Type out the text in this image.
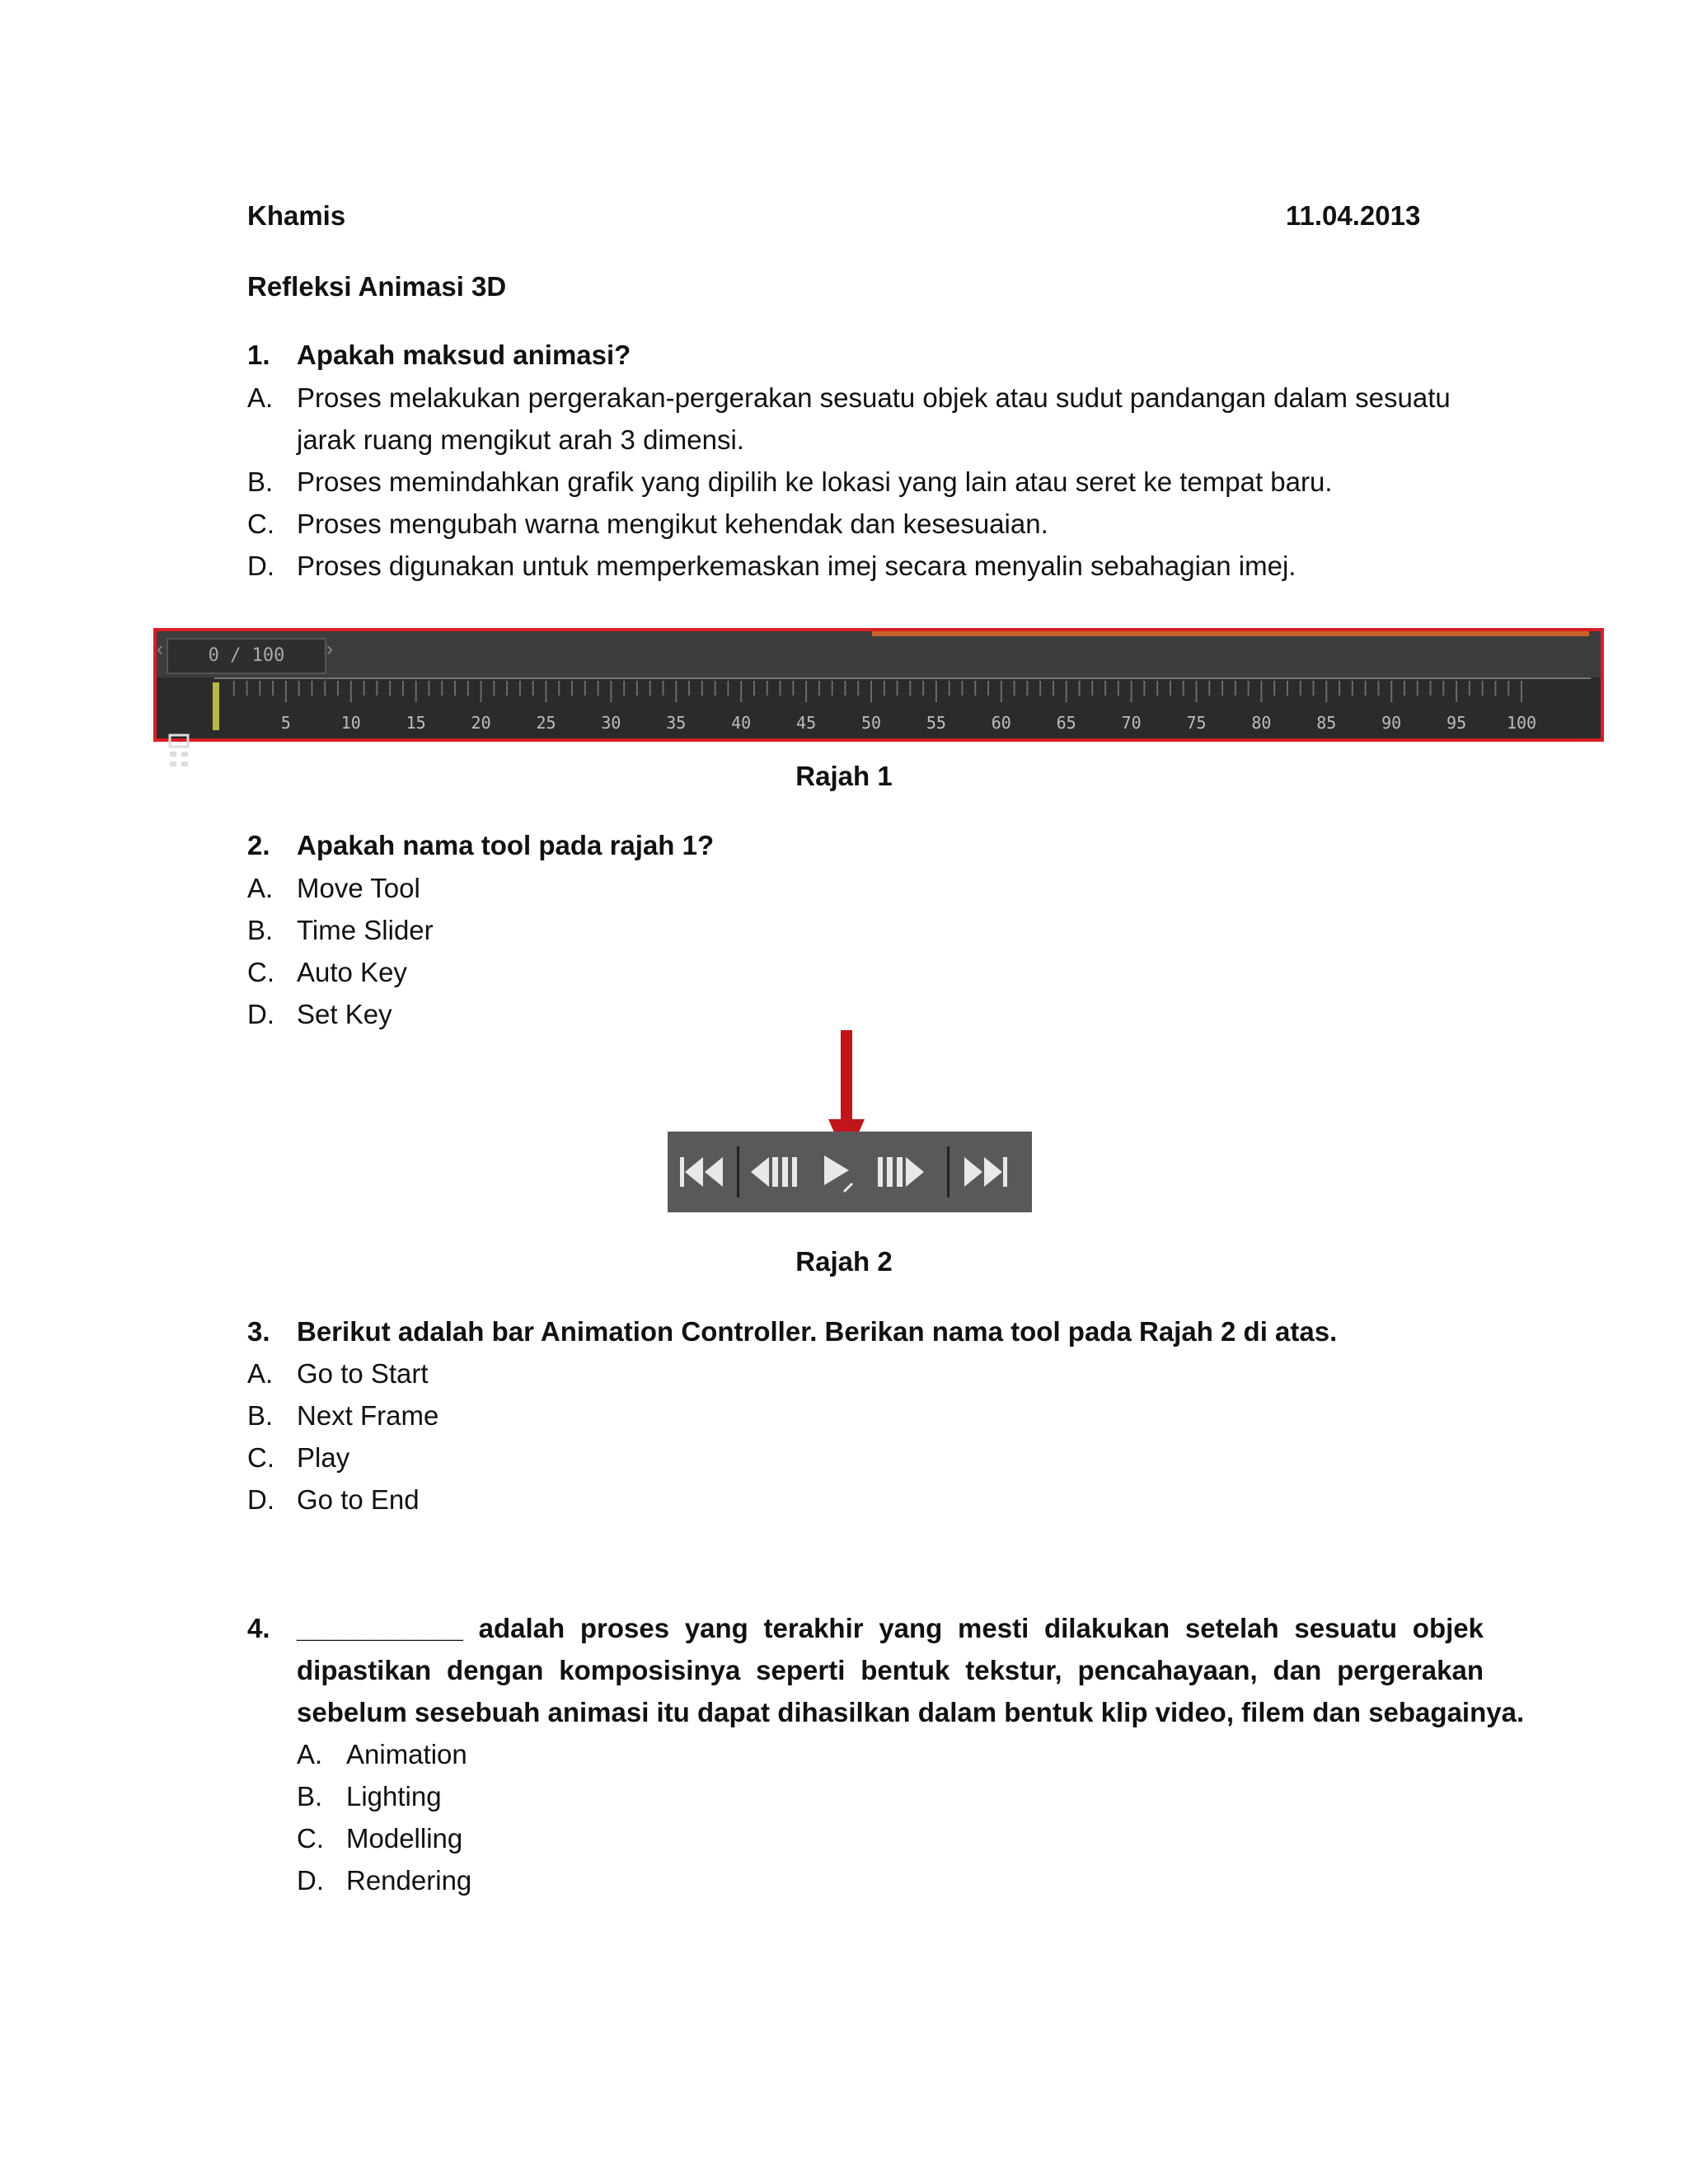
Khamis	11.04.2013
Refleksi Animasi 3D
1. Apakah maksud animasi?
A. Proses melakukan pergerakan-pergerakan sesuatu objek atau sudut pandangan dalam sesuatu
jarak ruang mengikut arah 3 dimensi.
B. Proses memindahkan grafik yang dipilih ke lokasi yang lain atau seret ke tempat baru.
C. Proses mengubah warna mengikut kehendak dan kesesuaian.
D. Proses digunakan untuk memperkemaskan imej secara menyalin sebahagian imej.
‹	0 / 100	›
5	10	15	20	25	30	35	40	45	50	55	60	65	70	75	80	85	90	95 100
Rajah 1
2. Apakah nama tool pada rajah 1?
A. Move Tool
B. Time Slider
C. Auto Key
D. Set Key
Rajah 2
3. Berikut adalah bar Animation Controller. Berikan nama tool pada Rajah 2 di atas.
A. Go to Start
B. Next Frame
C. Play
D. Go to End
4. ___________ adalah proses yang terakhir yang mesti dilakukan setelah sesuatu objek
dipastikan dengan komposisinya seperti bentuk tekstur, pencahayaan, dan pergerakan
sebelum sesebuah animasi itu dapat dihasilkan dalam bentuk klip video, filem dan sebagainya.
A. Animation
B. Lighting
C. Modelling
D. Rendering
